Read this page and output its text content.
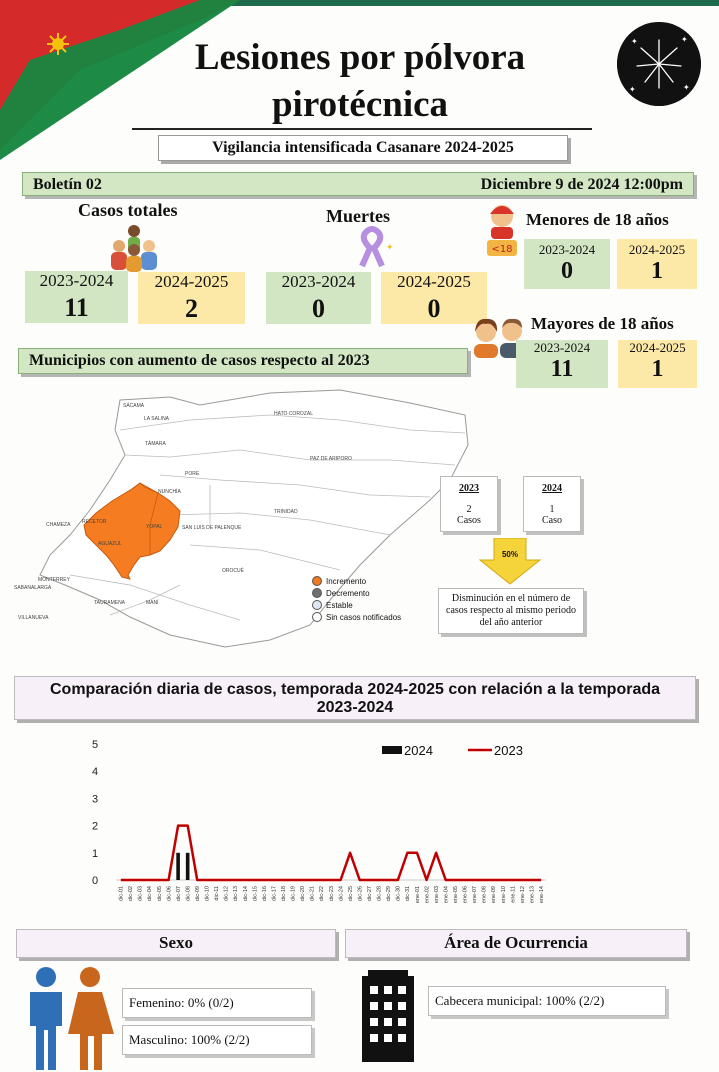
Lesiones por pólvora
pirotécnica
✦	✦
✦
✦
Vigilancia intensificada Casanare 2024-2025
Boletín 02	Diciembre 9 de 2024 12:00pm
Casos totales
2023-2024
11
2024-2025
2
Muertes
✦
2023-2024
0
2024-2025
0
<18
Menores de 18 años
2023-2024
0
2024-2025
1
Mayores de 18 años
2023-2024
11
2024-2025
1
Municipios con aumento de casos respecto al 2023
SÁCAMA
LA SALINA
HATO COROZAL
TÁMARA
PAZ DE ARIPORO
PORE
NUNCHÍA
TRINIDAD
CHAMEZA RECETOR
YOPAL
AGUAZUL
SAN LUIS DE PALENQUE
OROCUÉ
MONTERREY
SABANALARGA
TAURAMENA	MANÍ
VILLANUEVA
Incremento
Decremento
Estable
Sin casos notificados
2023
2
Casos
2024
1
Caso
50%
Disminución en el número de casos respecto al mismo periodo del año anterior
Comparación diaria de casos, temporada 2024-2025 con relación a la temporada
2023-2024
0
1
2
3
4
5
dic-01 dic-02 dic-03 dic-04 dic-05 dic-06 dic-07 dic-08 dic-09 dic-10 dic-11 dic-12 dic-13 dic-14 dic-15 dic-16 dic-17 dic-18 dic-19 dic-20 dic-21 dic-22 dic-23 dic-24 dic-25 dic-26 dic-27 dic-28 dic-29 dic-30 dic-31 ene-01 ene-02 ene-03 ene-04 ene-05 ene-06 ene-07 ene-08 ene-09 ene-10 ene-11 ene-12 ene-13 ene-14
2024	2023
Sexo
Femenino: 0% (0/2)
Masculino: 100% (2/2)
Área de Ocurrencia
Cabecera municipal: 100% (2/2)
